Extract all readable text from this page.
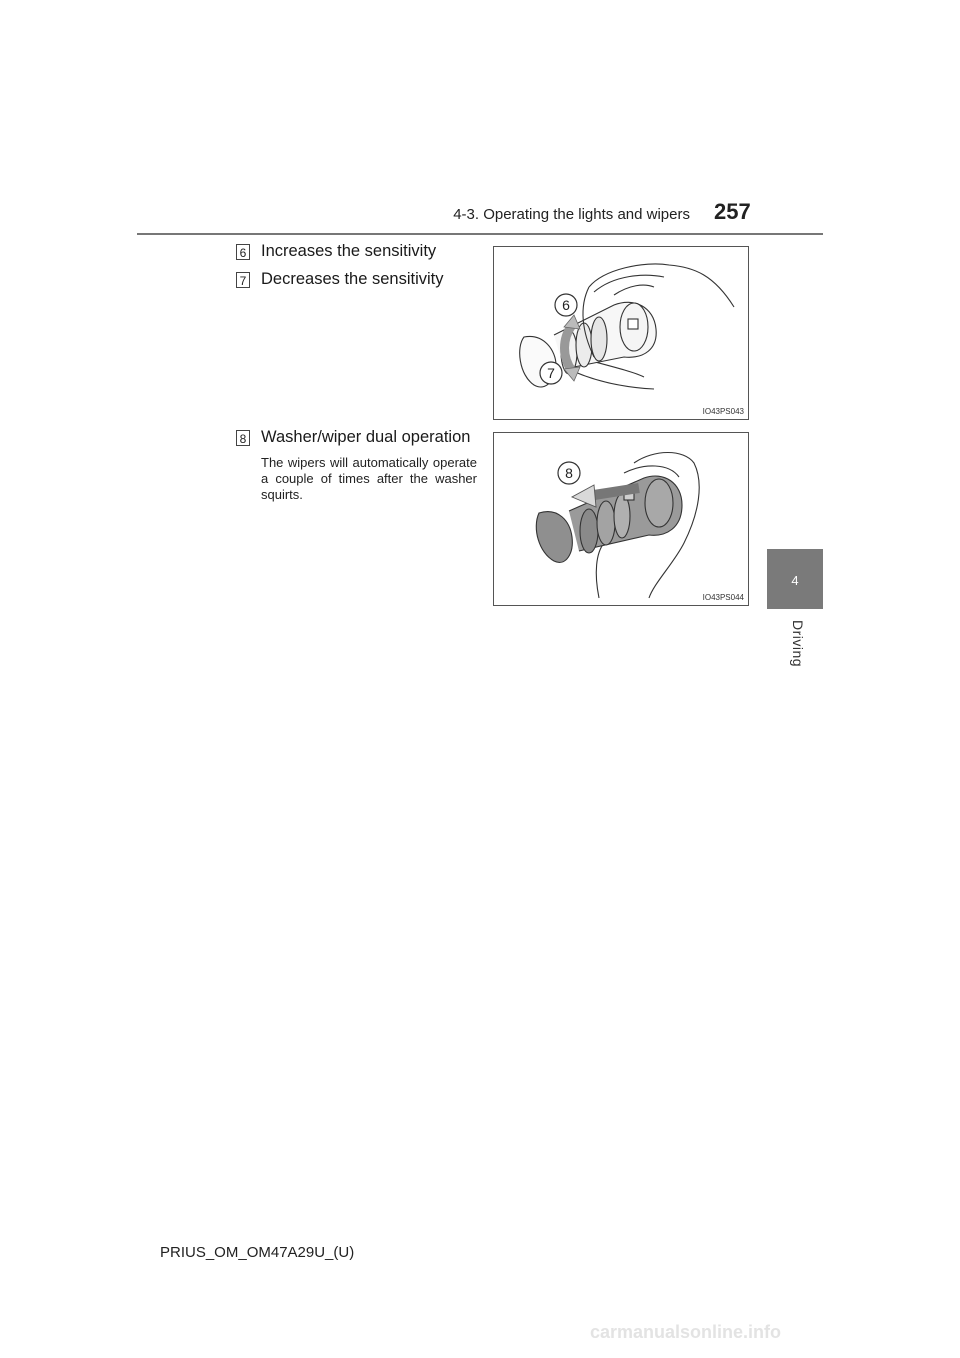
4-3. Operating the lights and wipers 257
4
Driving
6 Increases the sensitivity
7 Decreases the sensitivity
8 Washer/wiper dual operation
The wipers will automatically operate a couple of times after the washer squirts.
6
7
IO43PS043
8
IO43PS044
PRIUS_OM_OM47A29U_(U)
carmanualsonline.info
